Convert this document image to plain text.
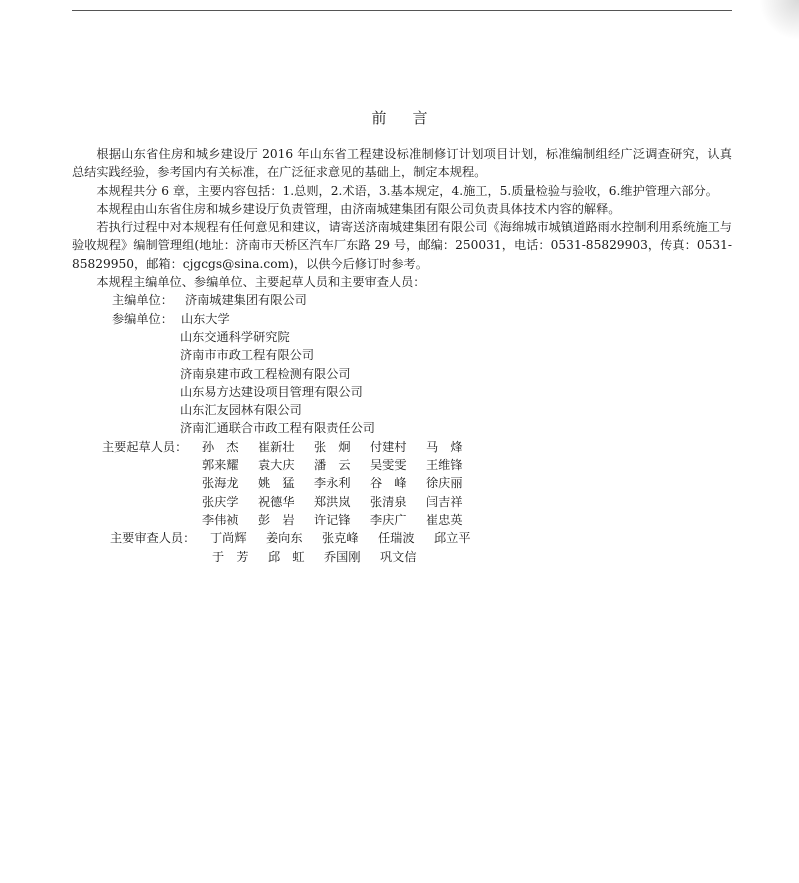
前言

根据山东省住房和城乡建设厅 2016 年山东省工程建设标准制修订计划项目计划，标准编制组经广泛调查研究，认真总结实践经验，参考国内有关标准，在广泛征求意见的基础上，制定本规程。

本规程共分 6 章，主要内容包括：1.总则，2.术语，3.基本规定，4.施工，5.质量检验与验收，6.维护管理六部分。

本规程由山东省住房和城乡建设厅负责管理，由济南城建集团有限公司负责具体技术内容的解释。

若执行过程中对本规程有任何意见和建议，请寄送济南城建集团有限公司《海绵城市城镇道路雨水控制利用系统施工与验收规程》编制管理组(地址：济南市天桥区汽车厂东路 29 号，邮编：250031，电话：0531-85829903，传真：0531-85829950，邮箱：cjgcgs@sina.com)，以供今后修订时参考。

本规程主编单位、参编单位、主要起草人员和主要审查人员：

主编单位： 济南城建集团有限公司

参编单位： 山东大学

山东交通科学研究院

济南市市政工程有限公司

济南泉建市政工程检测有限公司

山东易方达建设项目管理有限公司

山东汇友园林有限公司

济南汇通联合市政工程有限责任公司

主要起草人员：	孙　杰	崔新壮	张　炯	付建村	马　烽
郭来耀	袁大庆	潘　云	吴雯雯	王维锋
张海龙	姚　猛	李永利	谷　峰	徐庆丽
张庆学	祝德华	郑洪岚	张清泉	闫吉祥
李伟祯	彭　岩	许记锋	李庆广	崔忠英
主要审查人员：	丁尚辉	姜向东	张克峰	任瑞波	邱立平
于　芳	邱　虹	乔国刚	巩文信
